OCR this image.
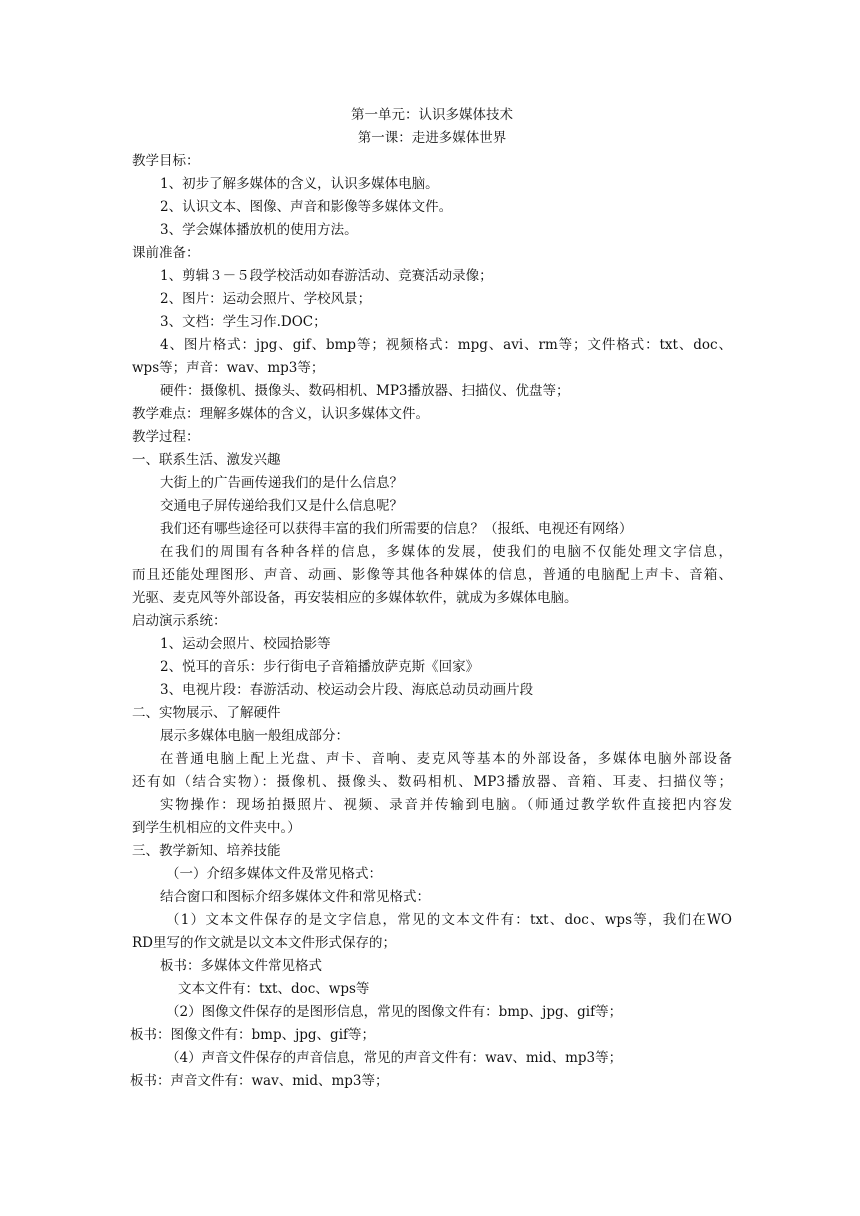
第一单元：认识多媒体技术
第一课：走进多媒体世界
教学目标：
1、初步了解多媒体的含义，认识多媒体电脑。
2、认识文本、图像、声音和影像等多媒体文件。
3、学会媒体播放机的使用方法。
课前准备：
1、剪辑３－５段学校活动如春游活动、竞赛活动录像；
2、图片：运动会照片、学校风景；
3、文档：学生习作.DOC；
4、图片格式：jpg、gif、bmp等；视频格式：mpg、avi、rm等；文件格式：txt、doc、
wps等；声音：wav、mp3等；
硬件：摄像机、摄像头、数码相机、MP3播放器、扫描仪、优盘等；
教学难点：理解多媒体的含义，认识多媒体文件。
教学过程：
一、联系生活、激发兴趣
大街上的广告画传递我们的是什么信息？
交通电子屏传递给我们又是什么信息呢？
我们还有哪些途径可以获得丰富的我们所需要的信息？（报纸、电视还有网络）
在我们的周围有各种各样的信息，多媒体的发展，使我们的电脑不仅能处理文字信息，
而且还能处理图形、声音、动画、影像等其他各种媒体的信息，普通的电脑配上声卡、音箱、
光驱、麦克风等外部设备，再安装相应的多媒体软件，就成为多媒体电脑。
启动演示系统：
1、运动会照片、校园拾影等
2、悦耳的音乐：步行街电子音箱播放萨克斯《回家》
3、电视片段：春游活动、校运动会片段、海底总动员动画片段
二、实物展示、了解硬件
展示多媒体电脑一般组成部分：
在普通电脑上配上光盘、声卡、音响、麦克风等基本的外部设备，多媒体电脑外部设备
还有如（结合实物）：摄像机、摄像头、数码相机、MP3播放器、音箱、耳麦、扫描仪等；
实物操作：现场拍摄照片、视频、录音并传输到电脑。（师通过教学软件直接把内容发
到学生机相应的文件夹中。）
三、教学新知、培养技能
（一）介绍多媒体文件及常见格式：
结合窗口和图标介绍多媒体文件和常见格式：
（1）文本文件保存的是文字信息，常见的文本文件有：txt、doc、wps等，我们在WO
RD里写的作文就是以文本文件形式保存的；
板书：多媒体文件常见格式
文本文件有：txt、doc、wps等
（2）图像文件保存的是图形信息，常见的图像文件有：bmp、jpg、gif等；
板书：图像文件有：bmp、jpg、gif等；
（4）声音文件保存的声音信息，常见的声音文件有：wav、mid、mp3等；
板书：声音文件有：wav、mid、mp3等；
